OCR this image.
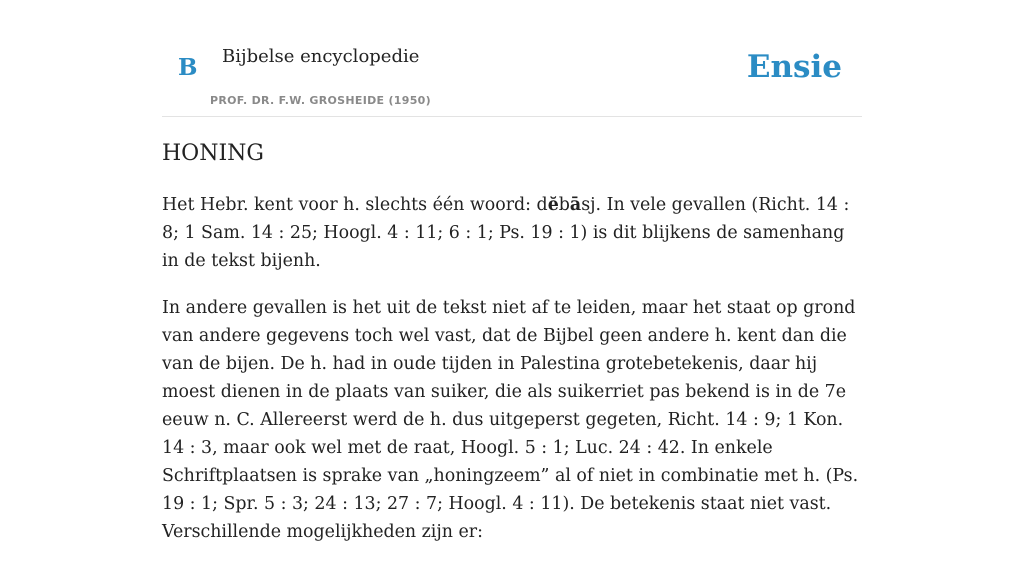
B Bijbelse encyclopedie
PROF. DR. F.W. GROSHEIDE (1950)
Ensie
HONING

Het Hebr. kent voor h. slechts één woord: dĕbāsj. In vele gevallen (Richt. 14 : 8; 1 Sam. 14 : 25; Hoogl. 4 : 11; 6 : 1; Ps. 19 : 1) is dit blijkens de samenhang in de tekst bijenh.

In andere gevallen is het uit de tekst niet af te leiden, maar het staat op grond van andere gegevens toch wel vast, dat de Bijbel geen andere h. kent dan die van de bijen. De h. had in oude tijden in Palestina grotebetekenis, daar hij moest dienen in de plaats van suiker, die als suikerriet pas bekend is in de 7e eeuw n. C. Allereerst werd de h. dus uitgeperst gegeten, Richt. 14 : 9; 1 Kon. 14 : 3, maar ook wel met de raat, Hoogl. 5 : 1; Luc. 24 : 42. In enkele Schriftplaatsen is sprake van „honingzeem” al of niet in combinatie met h. (Ps. 19 : 1; Spr. 5 : 3; 24 : 13; 27 : 7; Hoogl. 4 : 11). De betekenis staat niet vast. Verschillende mogelijkheden zijn er:
